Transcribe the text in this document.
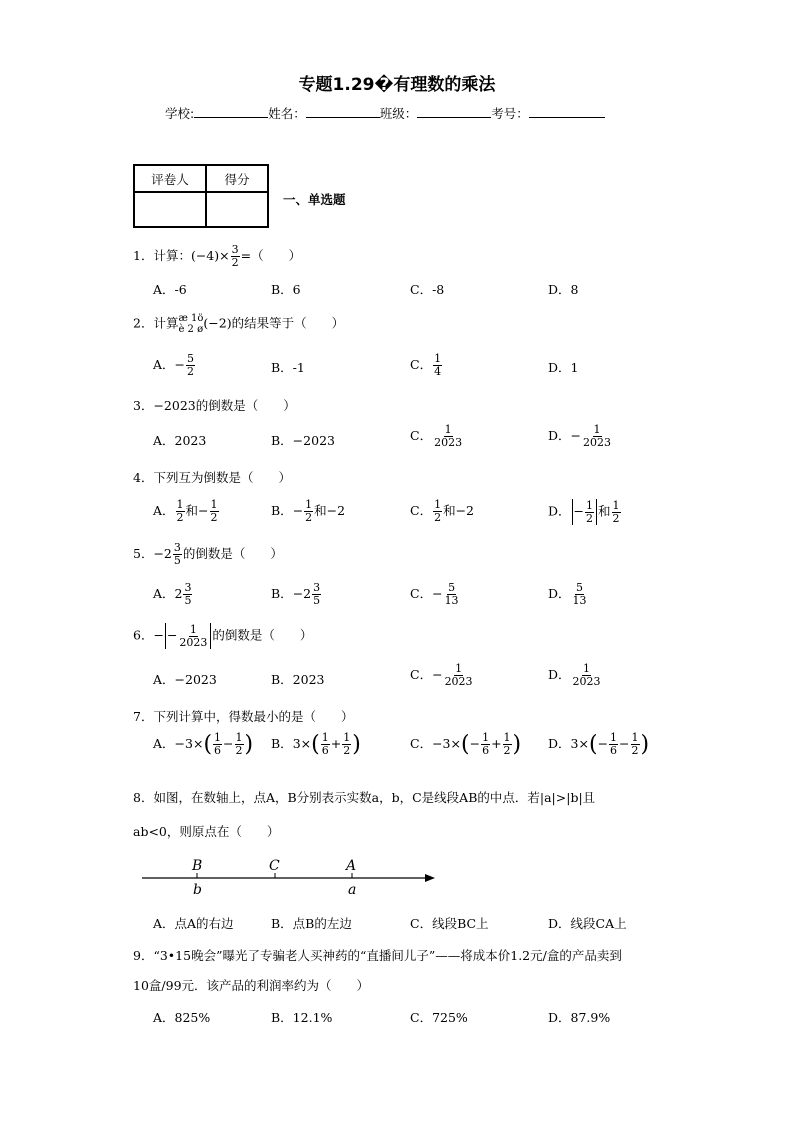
专题1.29�有理数的乘法
学校:	姓名：	班级：	考号：
评卷人	得分

一、单选题
1．计算：$(-4)\times \frac{3}{2}$ =（　　）
A．-6	B．6	C．-8	D．8
2．计算 æ 1ö
è 2 ø (−2)的结果等于（　　）
A．− $\frac{5}{2}$	B．-1	C． $\frac{1}{4}$	D．1
3．−2023的倒数是（　　）
A．2023	B．−2023	C． $\frac{1}{2023}$	D．− $\frac{1}{2023}$
4．下列互为倒数是（　　）
A． $\frac{1}{2}$ 和− $\frac{1}{2}$	B．− $\frac{1}{2}$ 和−2	C． $\frac{1}{2}$ 和−2	D． − $\frac{1}{2}$ 和 $\frac{1}{2}$
5．$-2 \frac{3}{5}$ 的倒数是（　　）
A．$2 \frac{3}{5}$	B．$-2 \frac{3}{5}$	C．− $\frac{5}{13}$	D． $\frac{5}{13}$
6．− − $\frac{1}{2023}$ 的倒数是（　　）
A．−2023	B．2023	C．− $\frac{1}{2023}$	D． $\frac{1}{2023}$
7．下列计算中，得数最小的是（　　）
A．$-3\times( \frac{1}{6} - \frac{1}{2}$ ) B．$3\times( \frac{1}{6} + \frac{1}{2}$ )	C．$-3\times(- \frac{1}{6} + \frac{1}{2}$ ) D．$3\times(- \frac{1}{6} - \frac{1}{2}$ )
8．如图，在数轴上，点A，B分别表示实数a，b，C是线段AB的中点．若|a|>|b|且
ab<0，则原点在（　　）
B	C	A
b	a
A．点A的右边	B．点B的左边	C．线段BC上	D．线段CA上
9．“3•15晚会”曝光了专骗老人买神药的“直播间儿子”——将成本价1.2元/盒的产品卖到
10盒/99元．该产品的利润率约为（　　）
A．825%	B．12.1%	C．725%	D．87.9%
